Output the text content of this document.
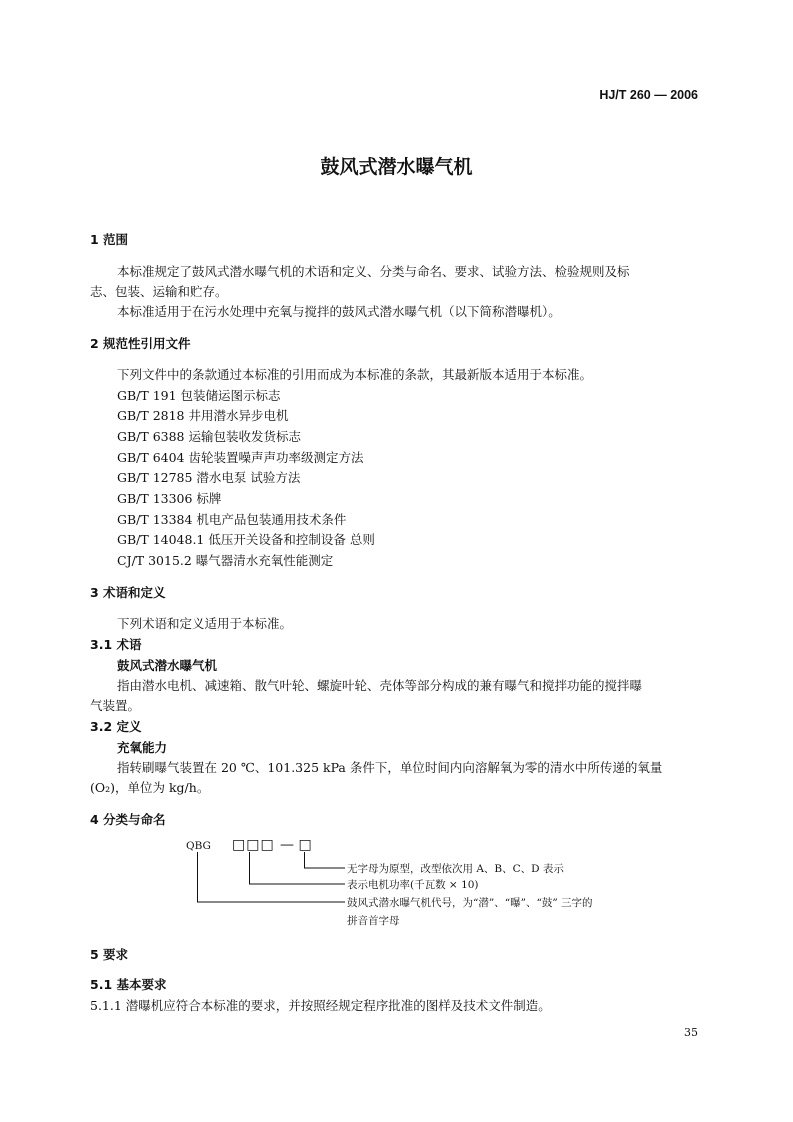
HJ/T 260 — 2006
鼓风式潜水曝气机
1 范围
本标准规定了鼓风式潜水曝气机的术语和定义、分类与命名、要求、试验方法、检验规则及标
志、包装、运输和贮存。
本标准适用于在污水处理中充氧与搅拌的鼓风式潜水曝气机（以下简称潜曝机）。
2 规范性引用文件
下列文件中的条款通过本标准的引用而成为本标准的条款，其最新版本适用于本标准。
GB/T 191 包装储运图示标志
GB/T 2818 井用潜水异步电机
GB/T 6388 运输包装收发货标志
GB/T 6404 齿轮装置噪声声功率级测定方法
GB/T 12785 潜水电泵 试验方法
GB/T 13306 标牌
GB/T 13384 机电产品包装通用技术条件
GB/T 14048.1 低压开关设备和控制设备 总则
CJ/T 3015.2 曝气器清水充氧性能测定
3 术语和定义
下列术语和定义适用于本标准。
3.1 术语
鼓风式潜水曝气机
指由潜水电机、减速箱、散气叶轮、螺旋叶轮、壳体等部分构成的兼有曝气和搅拌功能的搅拌曝
气装置。
3.2 定义
充氧能力
指转刷曝气装置在 20 ℃、101.325 kPa 条件下，单位时间内向溶解氧为零的清水中所传递的氧量
(O₂)，单位为 kg/h。
4 分类与命名
QBG □□□ — □
无字母为原型，改型依次用 A、B、C、D 表示
表示电机功率(千瓦数 × 10)
鼓风式潜水曝气机代号，为“潜”、“曝”、“鼓” 三字的
拼音首字母
5 要求
5.1 基本要求
5.1.1 潜曝机应符合本标准的要求，并按照经规定程序批准的图样及技术文件制造。
35
